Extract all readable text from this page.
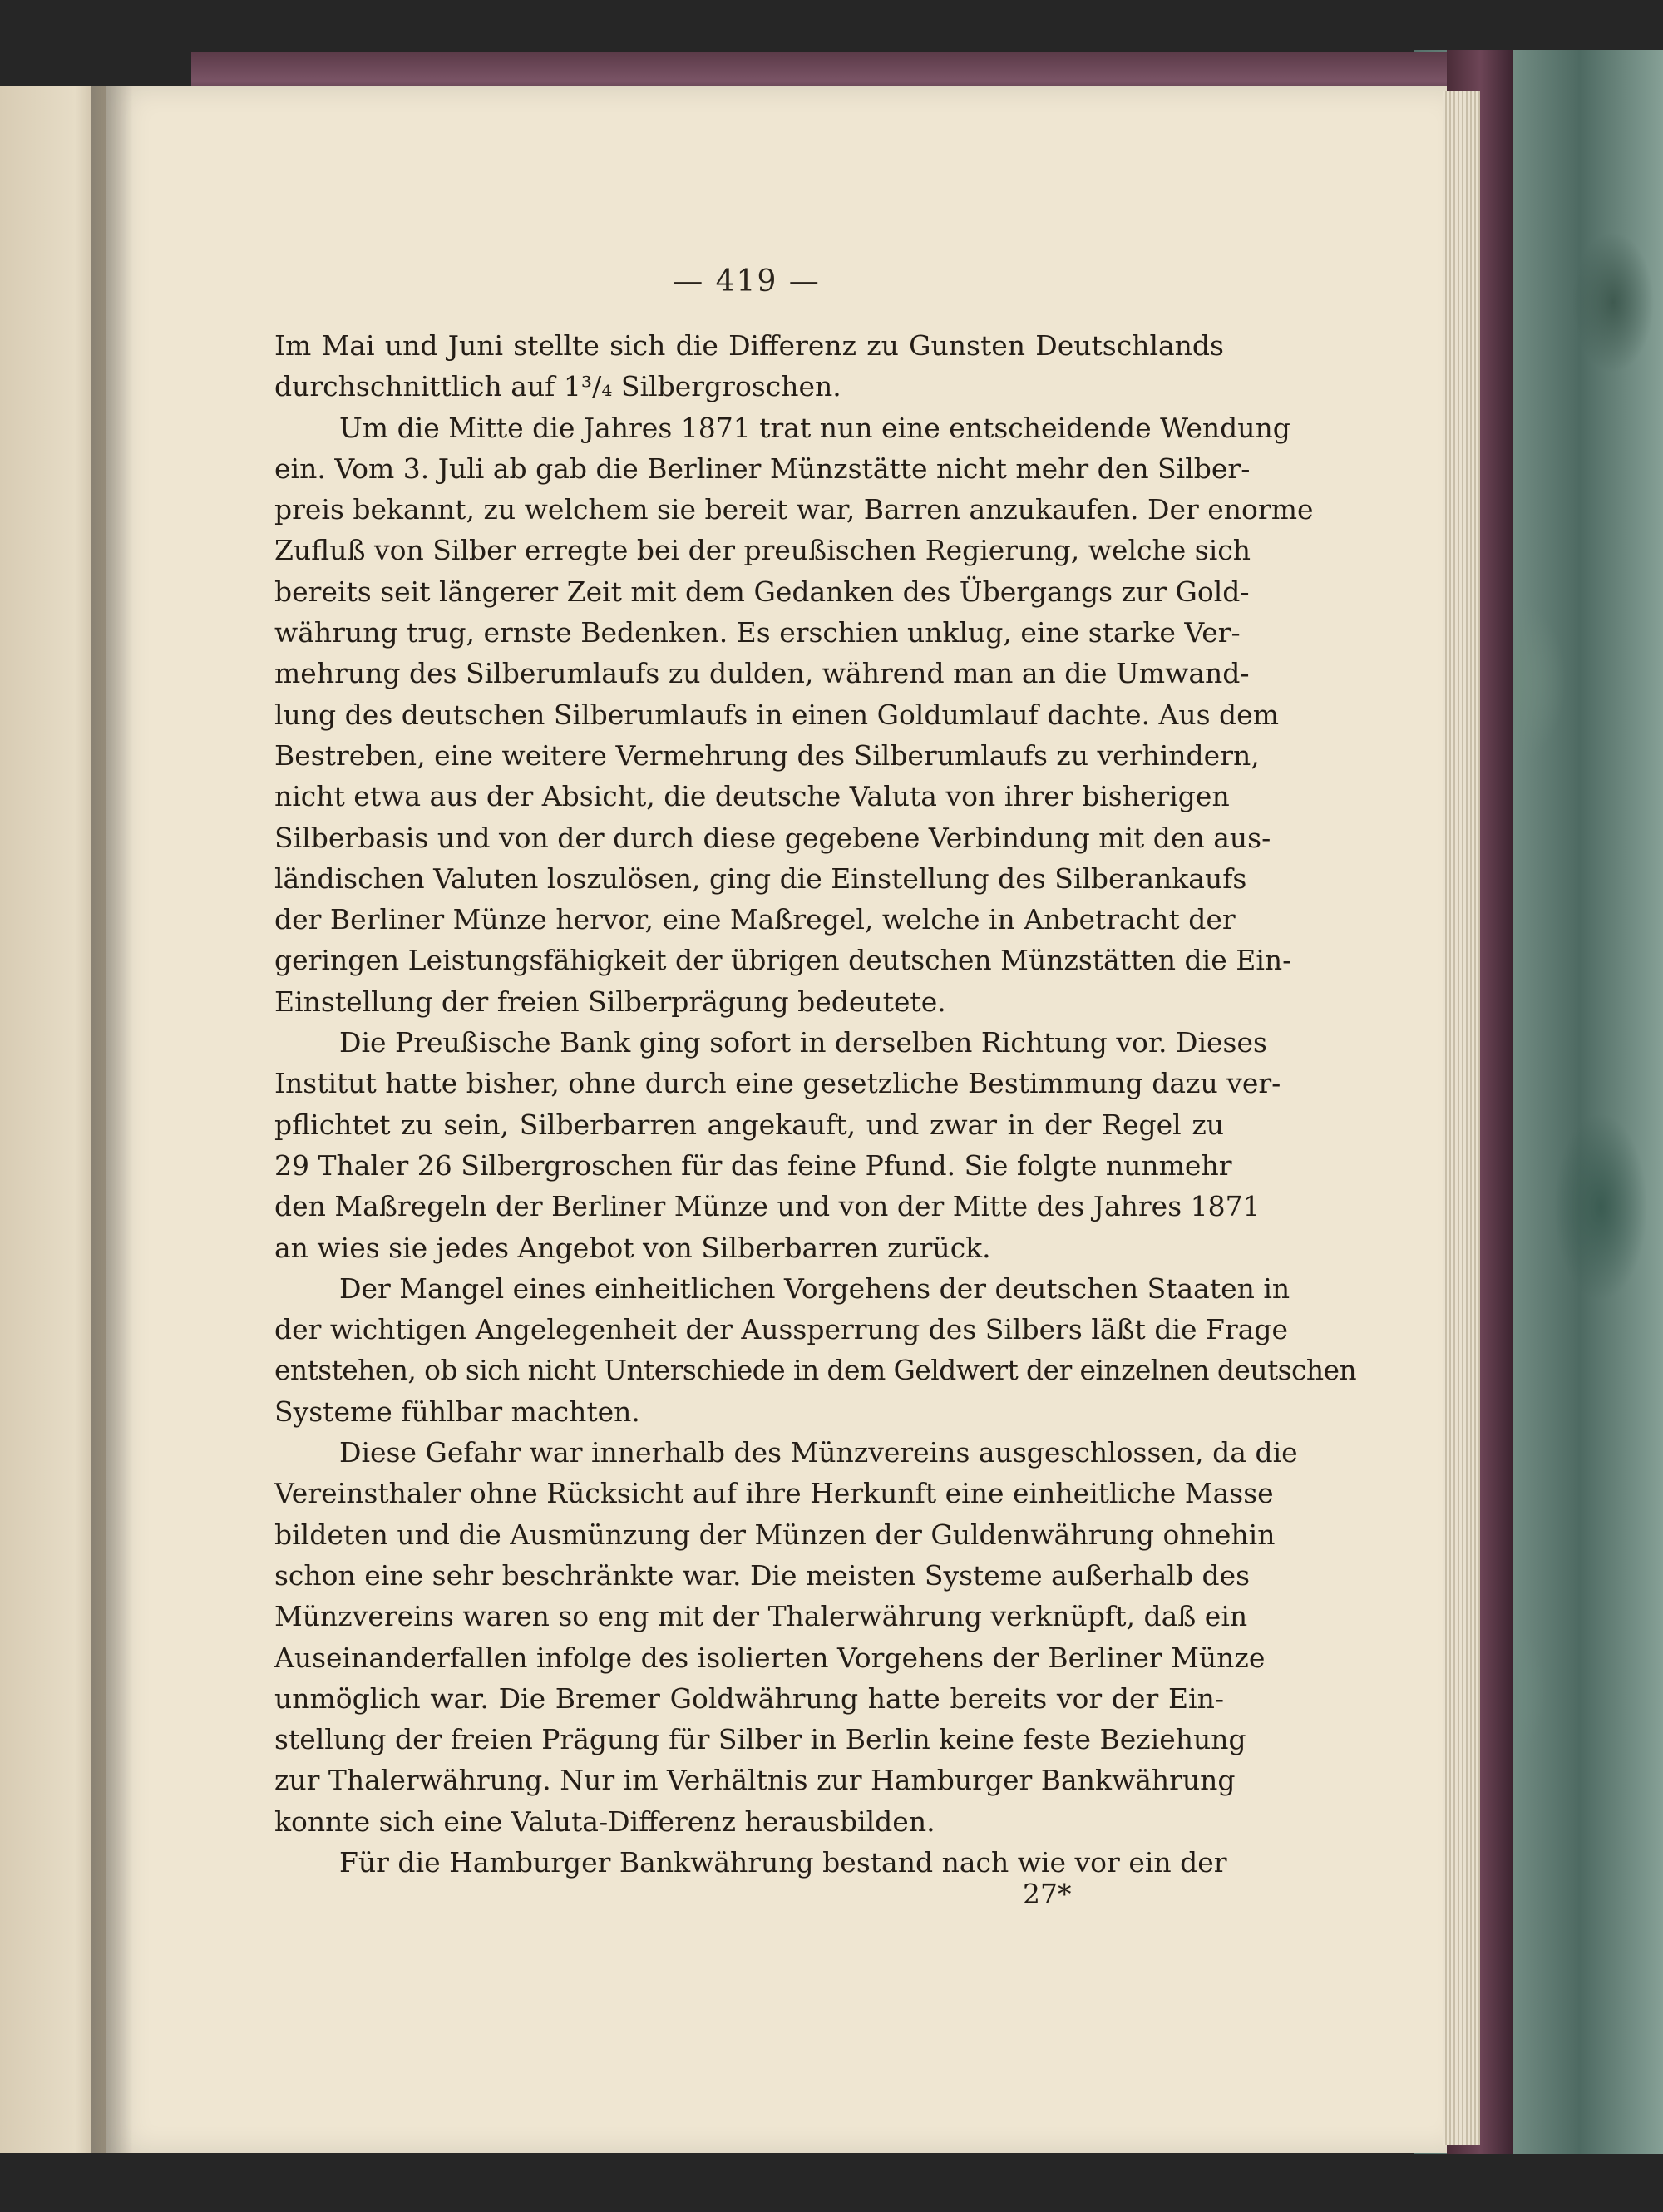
— 419 —
Im Mai und Juni stellte sich die Differenz zu Gunsten Deutschlands
durchschnittlich auf 1³/₄ Silbergroschen.
Um die Mitte die Jahres 1871 trat nun eine entscheidende Wendung
ein. Vom 3. Juli ab gab die Berliner Münzstätte nicht mehr den Silber-
preis bekannt, zu welchem sie bereit war, Barren anzukaufen. Der enorme
Zufluß von Silber erregte bei der preußischen Regierung, welche sich
bereits seit längerer Zeit mit dem Gedanken des Übergangs zur Gold-
währung trug, ernste Bedenken. Es erschien unklug, eine starke Ver-
mehrung des Silberumlaufs zu dulden, während man an die Umwand-
lung des deutschen Silberumlaufs in einen Goldumlauf dachte. Aus dem
Bestreben, eine weitere Vermehrung des Silberumlaufs zu verhindern,
nicht etwa aus der Absicht, die deutsche Valuta von ihrer bisherigen
Silberbasis und von der durch diese gegebene Verbindung mit den aus-
ländischen Valuten loszulösen, ging die Einstellung des Silberankaufs
der Berliner Münze hervor, eine Maßregel, welche in Anbetracht der
geringen Leistungsfähigkeit der übrigen deutschen Münzstätten die Ein-
Einstellung der freien Silberprägung bedeutete.
Die Preußische Bank ging sofort in derselben Richtung vor. Dieses
Institut hatte bisher, ohne durch eine gesetzliche Bestimmung dazu ver-
pflichtet zu sein, Silberbarren angekauft, und zwar in der Regel zu
29 Thaler 26 Silbergroschen für das feine Pfund. Sie folgte nunmehr
den Maßregeln der Berliner Münze und von der Mitte des Jahres 1871
an wies sie jedes Angebot von Silberbarren zurück.
Der Mangel eines einheitlichen Vorgehens der deutschen Staaten in
der wichtigen Angelegenheit der Aussperrung des Silbers läßt die Frage
entstehen, ob sich nicht Unterschiede in dem Geldwert der einzelnen deutschen
Systeme fühlbar machten.
Diese Gefahr war innerhalb des Münzvereins ausgeschlossen, da die
Vereinsthaler ohne Rücksicht auf ihre Herkunft eine einheitliche Masse
bildeten und die Ausmünzung der Münzen der Guldenwährung ohnehin
schon eine sehr beschränkte war. Die meisten Systeme außerhalb des
Münzvereins waren so eng mit der Thalerwährung verknüpft, daß ein
Auseinanderfallen infolge des isolierten Vorgehens der Berliner Münze
unmöglich war. Die Bremer Goldwährung hatte bereits vor der Ein-
stellung der freien Prägung für Silber in Berlin keine feste Beziehung
zur Thalerwährung. Nur im Verhältnis zur Hamburger Bankwährung
konnte sich eine Valuta-Differenz herausbilden.
Für die Hamburger Bankwährung bestand nach wie vor ein der
27*
